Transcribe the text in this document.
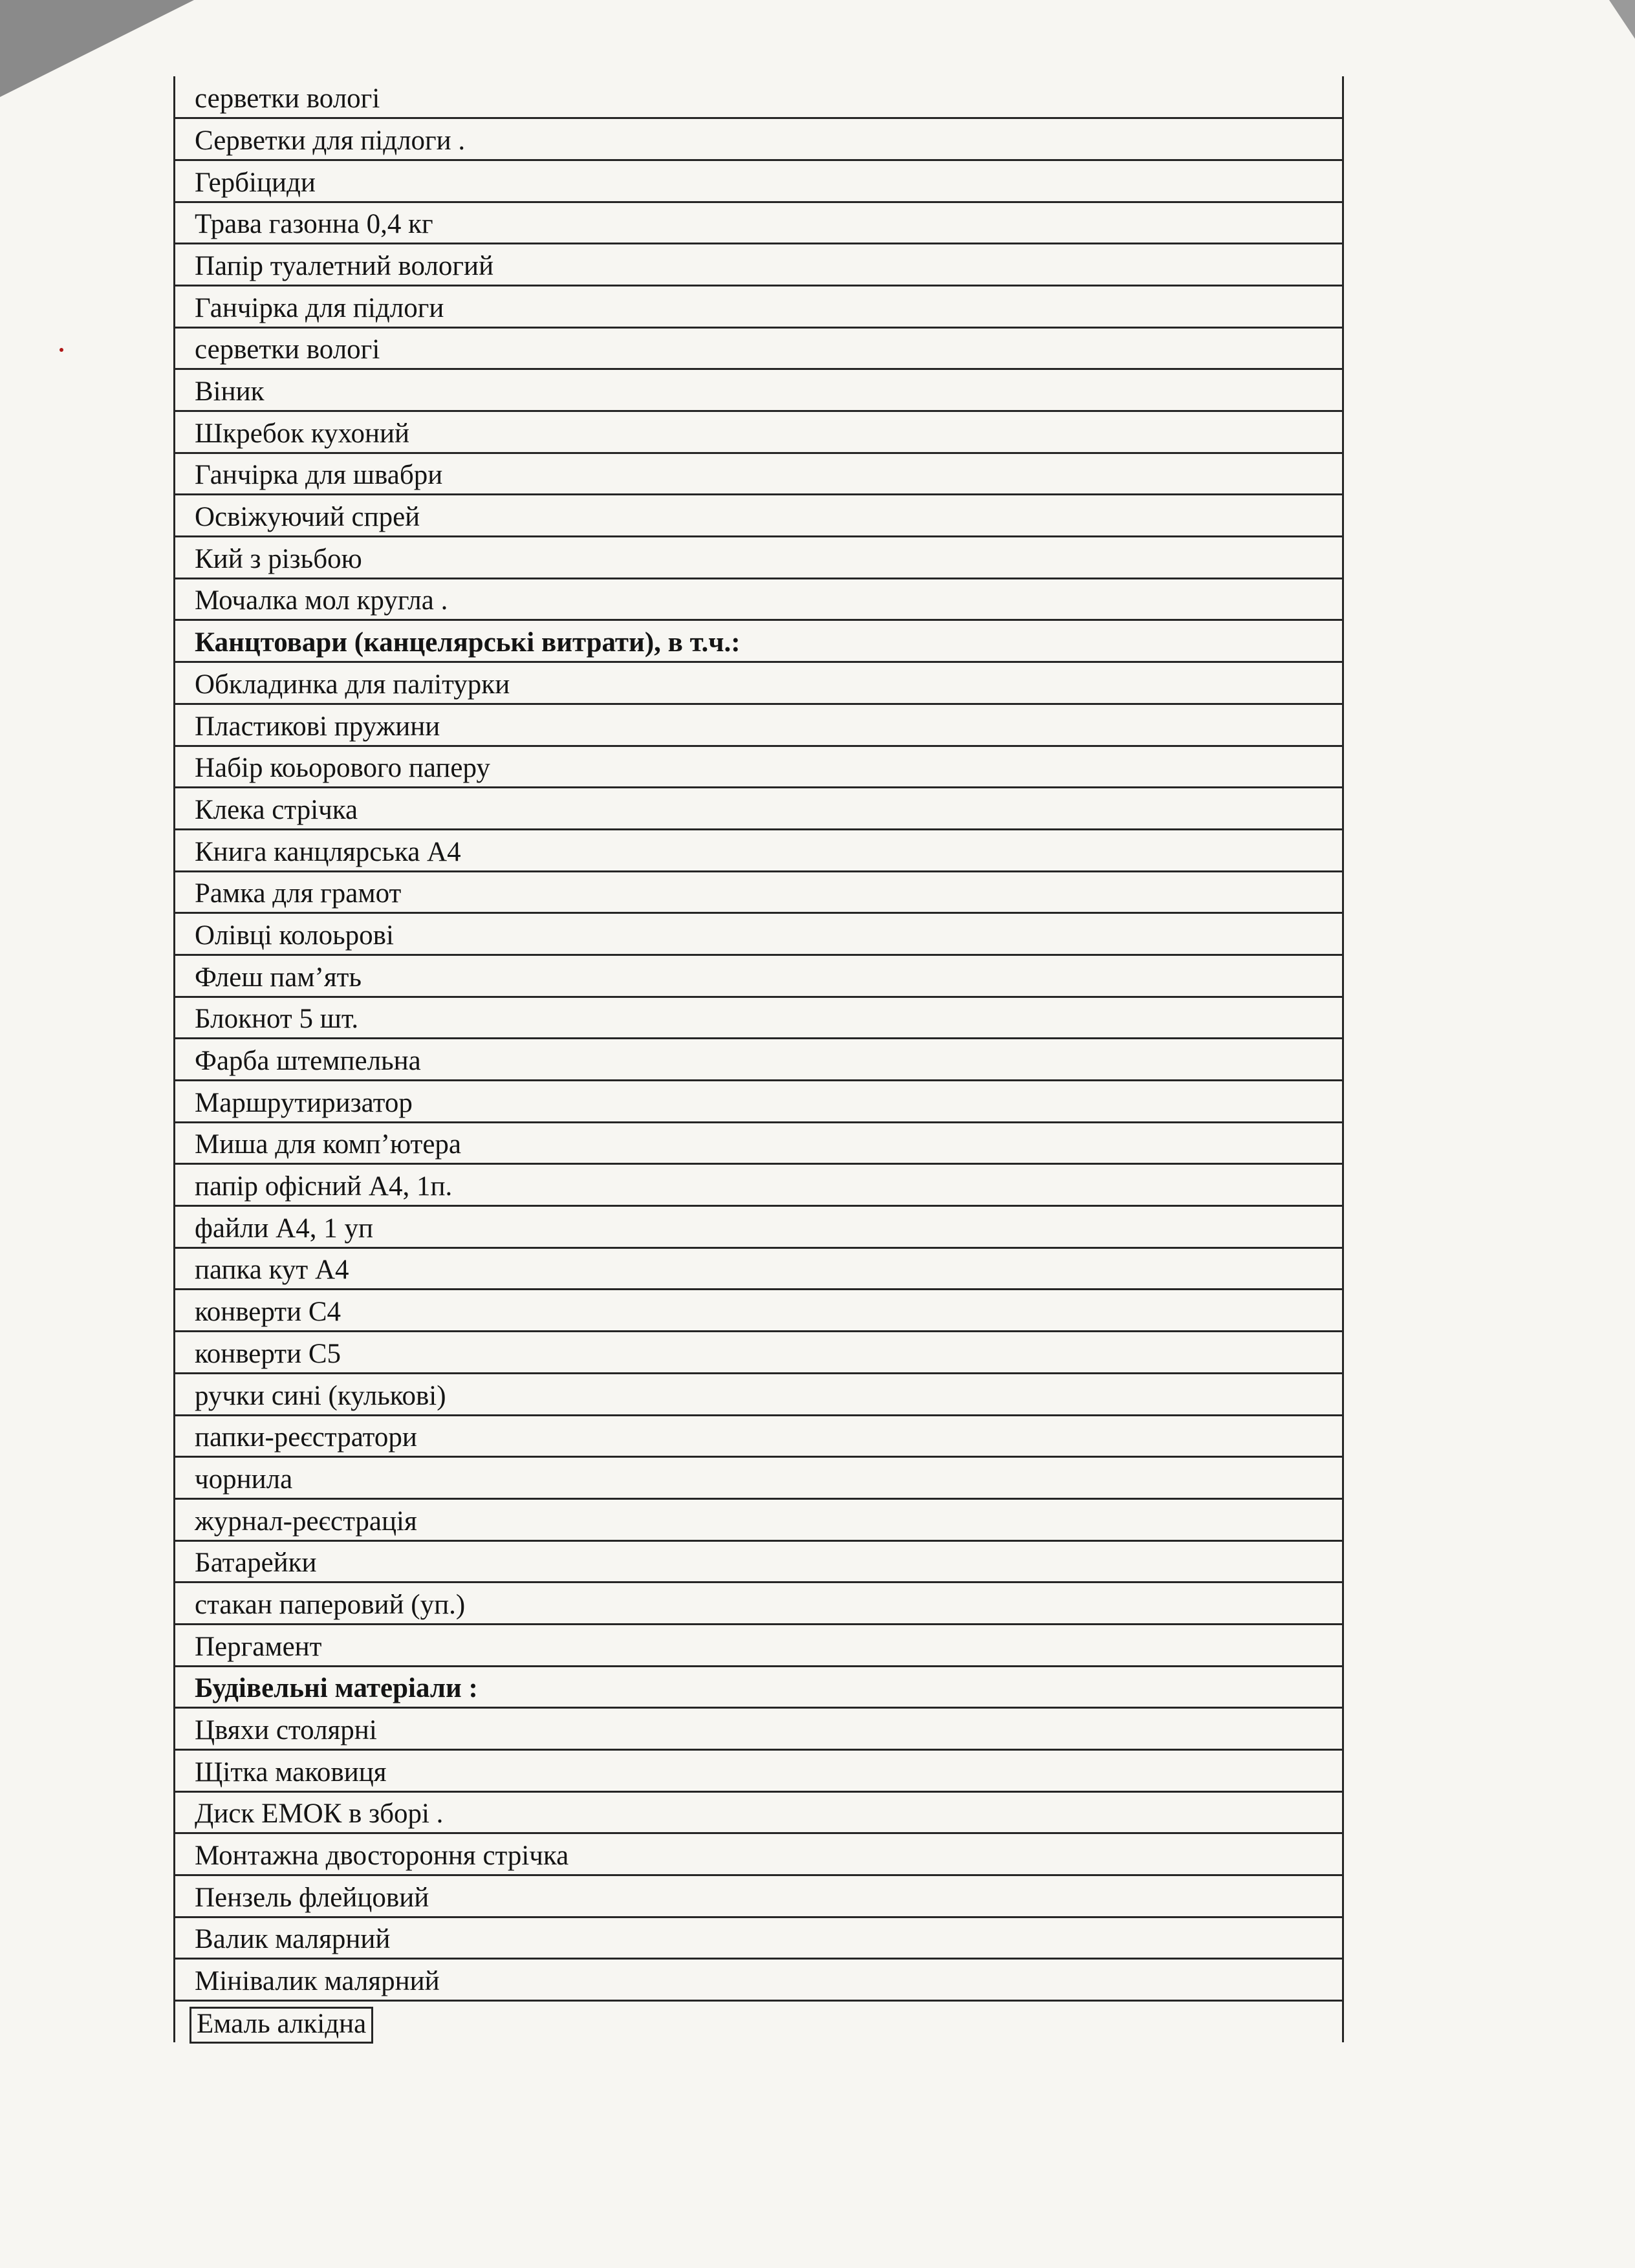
серветки вологі
Серветки для підлоги .
Гербіциди
Трава газонна 0,4 кг
Папір туалетний вологий
Ганчірка для підлоги
серветки вологі
Віник
Шкребок кухоний
Ганчірка для швабри
Освіжуючий спрей
Кий з різьбою
Мочалка мол кругла .
Канцтовари (канцелярські витрати), в т.ч.:
Обкладинка для палітурки
Пластикові пружини
Набір коьорового паперу
Клека стрічка
Книга канцлярська А4
Рамка для грамот
Олівці колоьрові
Флеш пам’ять
Блокнот 5 шт.
Фарба штемпельна
Маршрутиризатор
Миша для комп’ютера
папір офісний А4, 1п.
файли А4, 1 уп
папка кут А4
конверти С4
конверти С5
ручки сині (кулькові)
папки-реєстратори
чорнила
журнал-реєстрація
Батарейки
стакан паперовий (уп.)
Пергамент
Будівельні матеріали :
Цвяхи столярні
Щітка маковиця
Диск ЕМОК в зборі .
Монтажна двостороння стрічка
Пензель флейцовий
Валик малярний
Мінівалик малярний
Емаль алкідна
